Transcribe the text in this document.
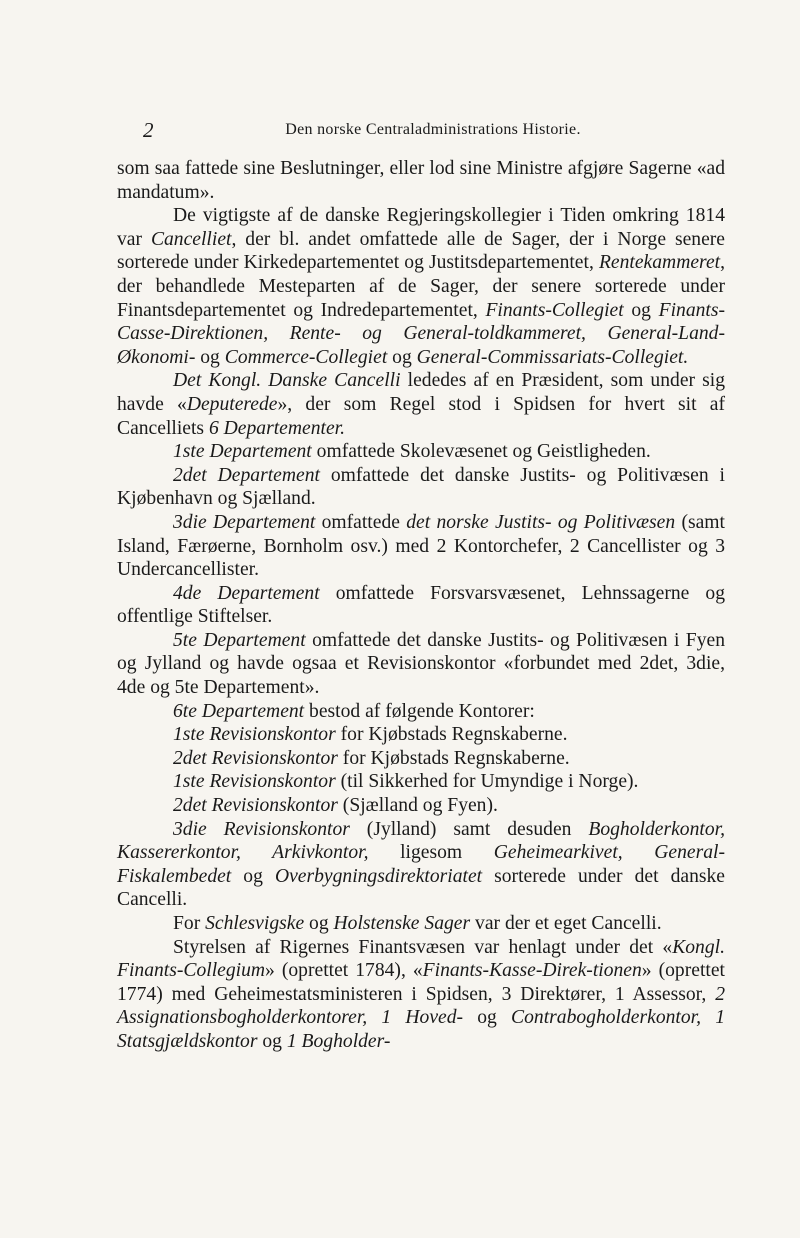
2	Den norske Centraladministrations Historie.

som saa fattede sine Beslutninger, eller lod sine Ministre afgjøre Sagerne «ad mandatum».

De vigtigste af de danske Regjeringskollegier i Tiden omkring 1814 var Cancelliet, der bl. andet omfattede alle de Sager, der i Norge senere sorterede under Kirkedepartementet og Justitsdepartementet, Rentekammeret, der behandlede Mesteparten af de Sager, der senere sorterede under Finantsdepartementet og Indredepartementet, Finants-Collegiet og Finants-Casse-Direktionen, Rente- og General-toldkammeret, General-Land-Økonomi- og Commerce-Collegiet og General-Commissariats-Collegiet.

Det Kongl. Danske Cancelli lededes af en Præsident, som under sig havde «Deputerede», der som Regel stod i Spidsen for hvert sit af Cancelliets 6 Departementer.

1ste Departement omfattede Skolevæsenet og Geistligheden.

2det Departement omfattede det danske Justits- og Politivæsen i Kjøbenhavn og Sjælland.

3die Departement omfattede det norske Justits- og Politivæsen (samt Island, Færøerne, Bornholm osv.) med 2 Kontorchefer, 2 Cancellister og 3 Undercancellister.

4de Departement omfattede Forsvarsvæsenet, Lehnssagerne og offentlige Stiftelser.

5te Departement omfattede det danske Justits- og Politivæsen i Fyen og Jylland og havde ogsaa et Revisionskontor «forbundet med 2det, 3die, 4de og 5te Departement».

6te Departement bestod af følgende Kontorer:

1ste Revisionskontor for Kjøbstads Regnskaberne.

2det Revisionskontor for Kjøbstads Regnskaberne.

1ste Revisionskontor (til Sikkerhed for Umyndige i Norge).

2det Revisionskontor (Sjælland og Fyen).

3die Revisionskontor (Jylland) samt desuden Bogholderkontor, Kassererkontor, Arkivkontor, ligesom Geheimearkivet, General-Fiskalembedet og Overbygningsdirektoriatet sorterede under det danske Cancelli.

For Schlesvigske og Holstenske Sager var der et eget Cancelli.

Styrelsen af Rigernes Finantsvæsen var henlagt under det «Kongl. Finants-Collegium» (oprettet 1784), «Finants-Kasse-Direk-tionen» (oprettet 1774) med Geheimestatsministeren i Spidsen, 3 Direktører, 1 Assessor, 2 Assignationsbogholderkontorer, 1 Hoved- og Contrabogholderkontor, 1 Statsgjældskontor og 1 Bogholder-
